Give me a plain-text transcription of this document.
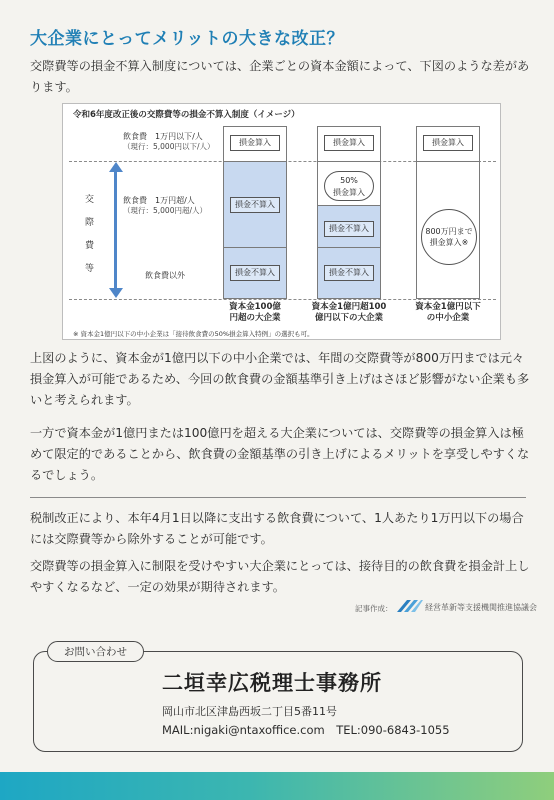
大企業にとってメリットの大きな改正？

交際費等の損金不算入制度については、企業ごとの資本金額によって、下図のような差があります。

令和6年度改正後の交際費等の損金不算入制度（イメージ）
飲食費　1万円以下/人
（現行：5,000円以下/人）
飲食費　1万円超/人
（現行：5,000円超/人）
飲食費以外
交
際
費
等
損金算入
損金不算入
損金不算入
損金算入
50%
損金算入
損金不算入
損金不算入
損金算入
800万円まで
損金算入※
資本金100億
円超の大企業
資本金1億円超100
億円以下の大企業
資本金1億円以下
の中小企業
※ 資本金1億円以下の中小企業は「接待飲食費の50%損金算入特例」の選択も可。

上図のように、資本金が1億円以下の中小企業では、年間の交際費等が800万円までは元々損金算入が可能であるため、今回の飲食費の金額基準引き上げはさほど影響がない企業も多いと考えられます。

一方で資本金が1億円または100億円を超える大企業については、交際費等の損金算入は極めて限定的であることから、飲食費の金額基準の引き上げによるメリットを享受しやすくなるでしょう。

税制改正により、本年4月1日以降に支出する飲食費について、1人あたり1万円以下の場合には交際費等から除外することが可能です。

交際費等の損金算入に制限を受けやすい大企業にとっては、接待目的の飲食費を損金計上しやすくなるなど、一定の効果が期待されます。

記事作成：	経営革新等支援機関推進協議会
お問い合わせ
二垣幸広税理士事務所
岡山市北区津島西坂二丁目5番11号
MAIL:nigaki@ntaxoffice.com　TEL:090-6843-1055
